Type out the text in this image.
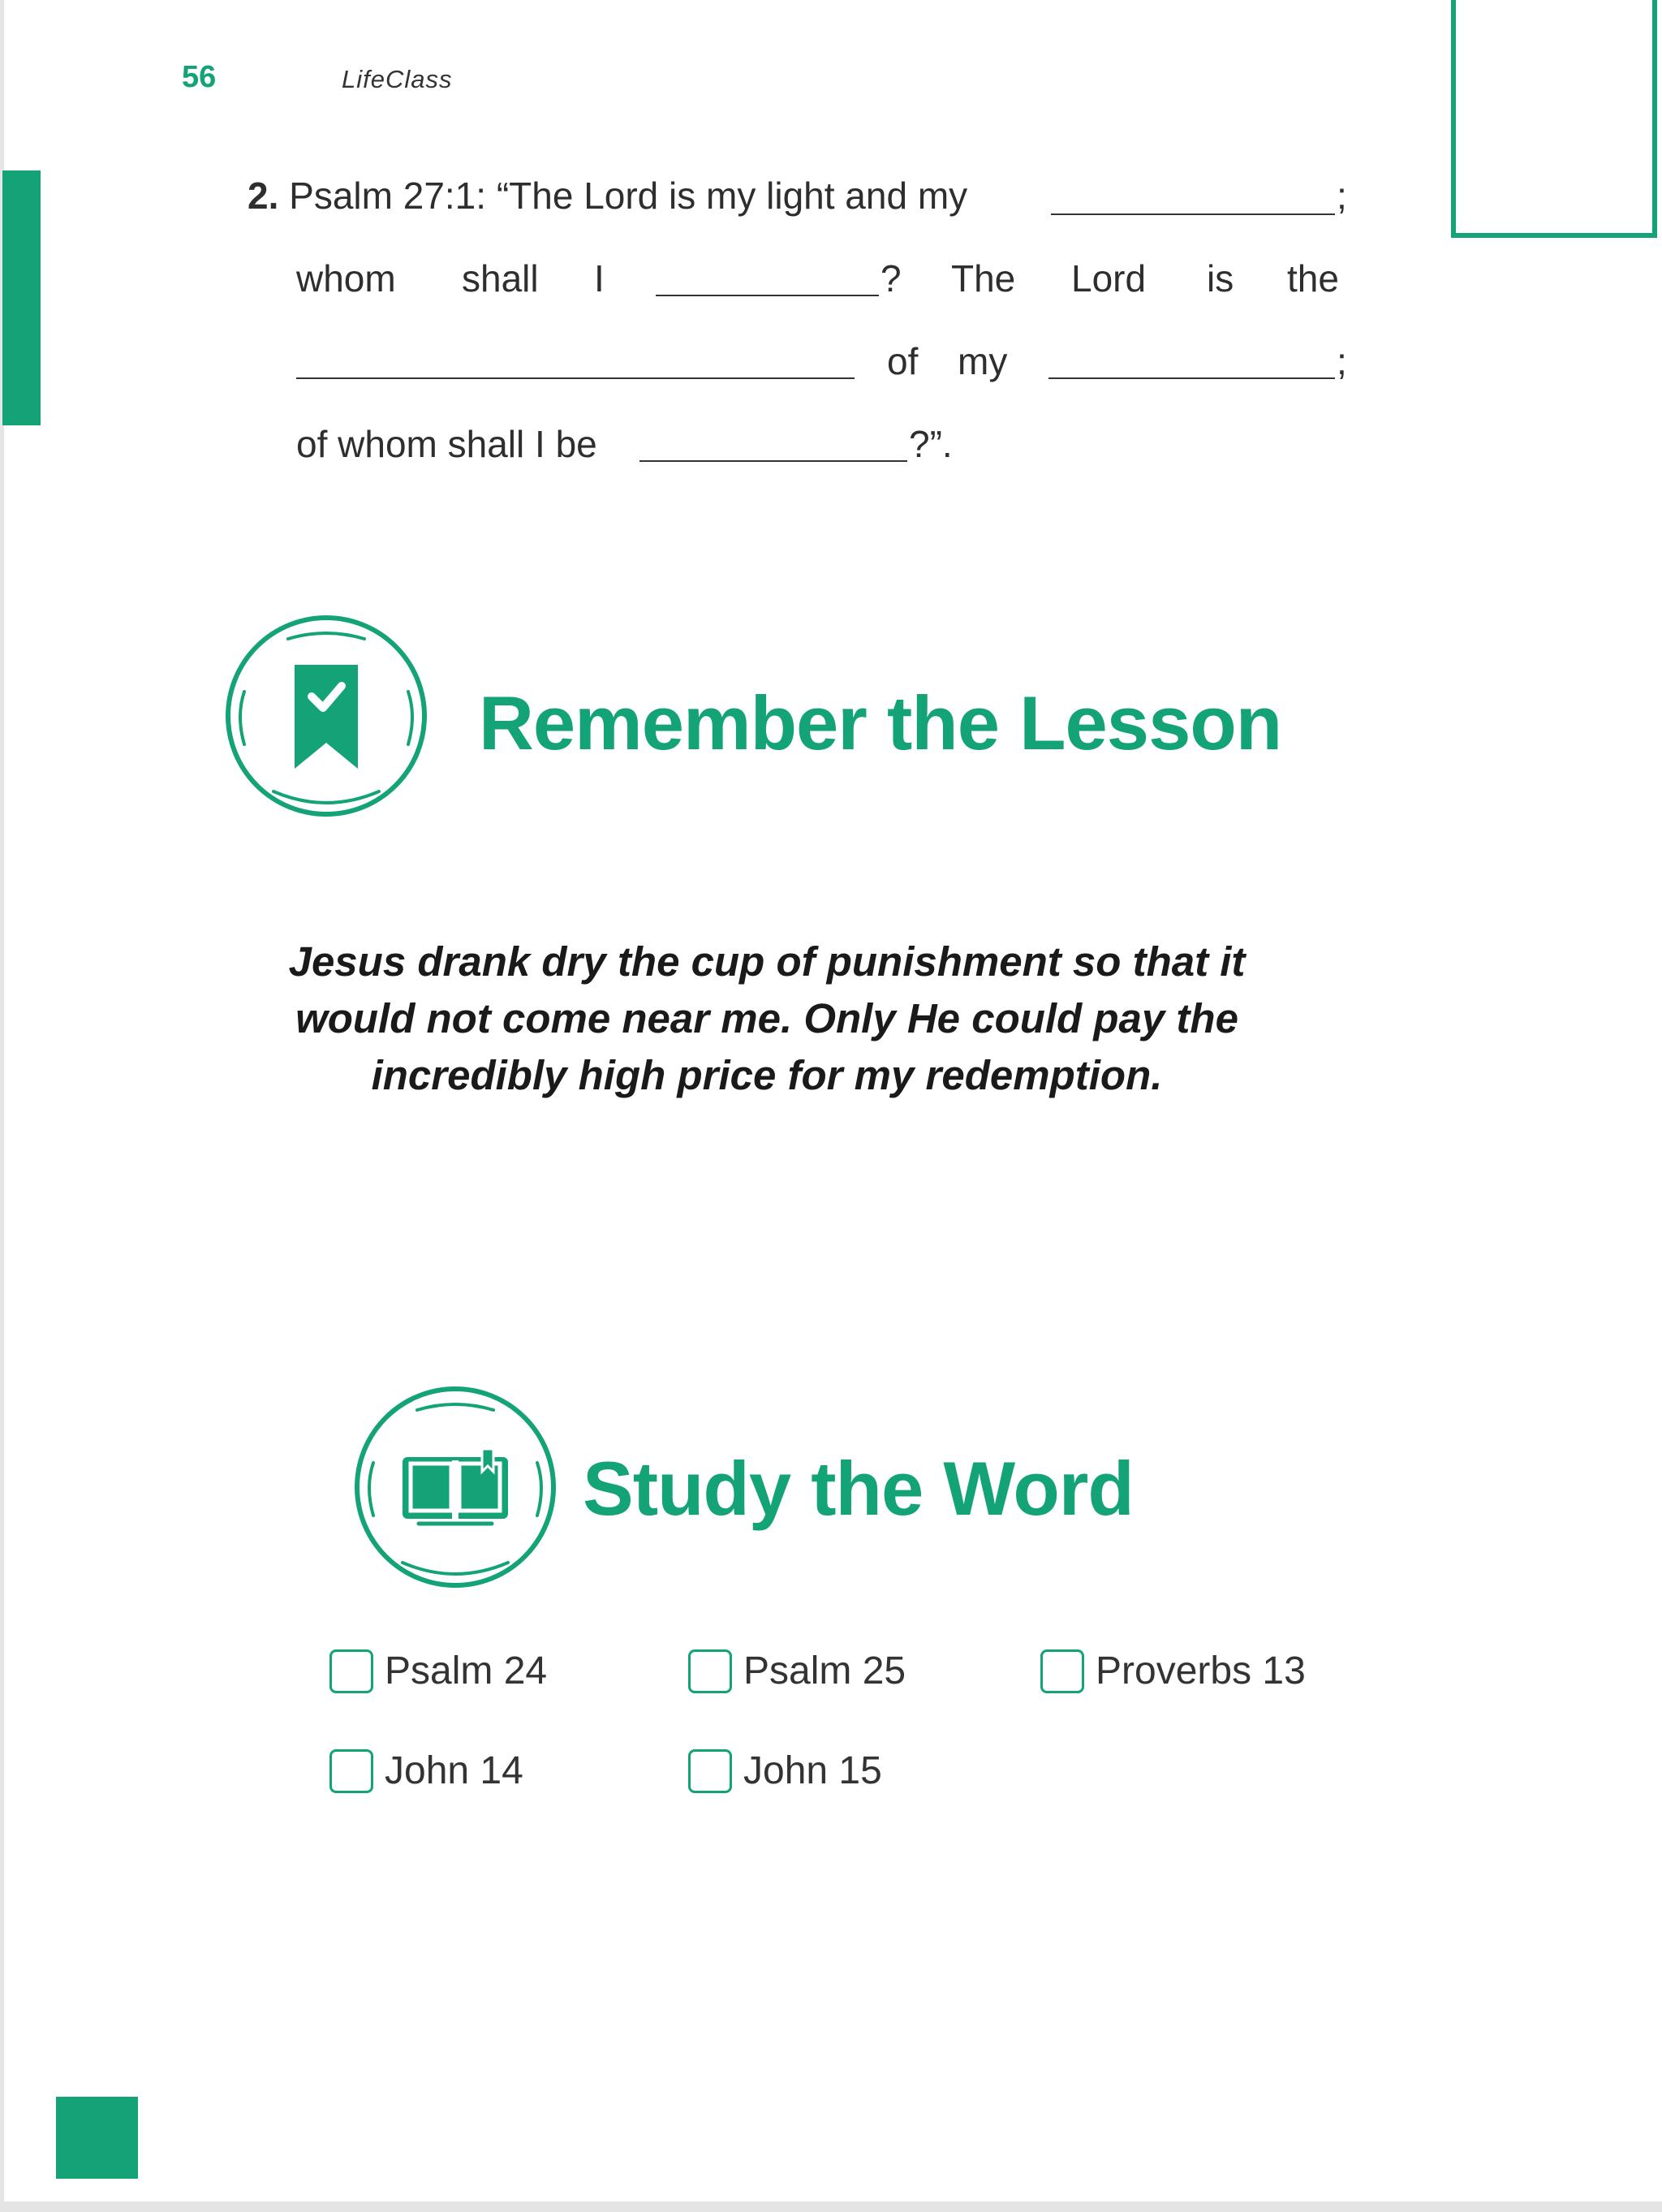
56	LifeClass
2. Psalm 27:1: “The Lord is my light and my	;
whom shall I	? The Lord is the
of my	;
of whom shall I be	?”.
Remember the Lesson
Jesus drank dry the cup of punishment so that it would not come near me. Only He could pay the incredibly high price for my redemption.
Study the Word
Psalm 24	Psalm 25	Proverbs 13
John 14	John 15
